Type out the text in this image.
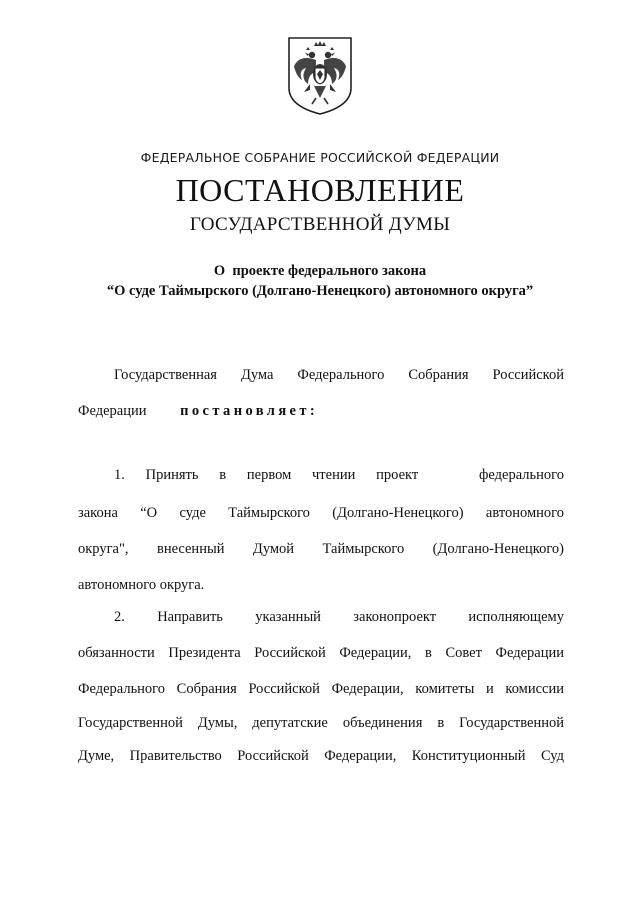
ФЕДЕРАЛЬНОЕ СОБРАНИЕ РОССИЙСКОЙ ФЕДЕРАЦИИ
ПОСТАНОВЛЕНИЕ
ГОСУДАРСТВЕННОЙ ДУМЫ
О  проекте федерального закона
“О суде Таймырского (Долгано-Ненецкого) автономного округа”
Государственная Дума Федерального Собрания Российской
Федерации постановляет:
1. Принять в первом чтении проект	федерального
закона “О суде Таймырского (Долгано-Ненецкого) автономного
округа", внесенный Думой Таймырского (Долгано-Ненецкого)
автономного округа.
2. Направить указанный законопроект исполняющему
обязанности Президента Российской Федерации, в Совет Федерации
Федерального Собрания Российской Федерации, комитеты и комиссии
Государственной Думы, депутатские объединения в Государственной
Думе, Правительство Российской Федерации, Конституционный Суд
